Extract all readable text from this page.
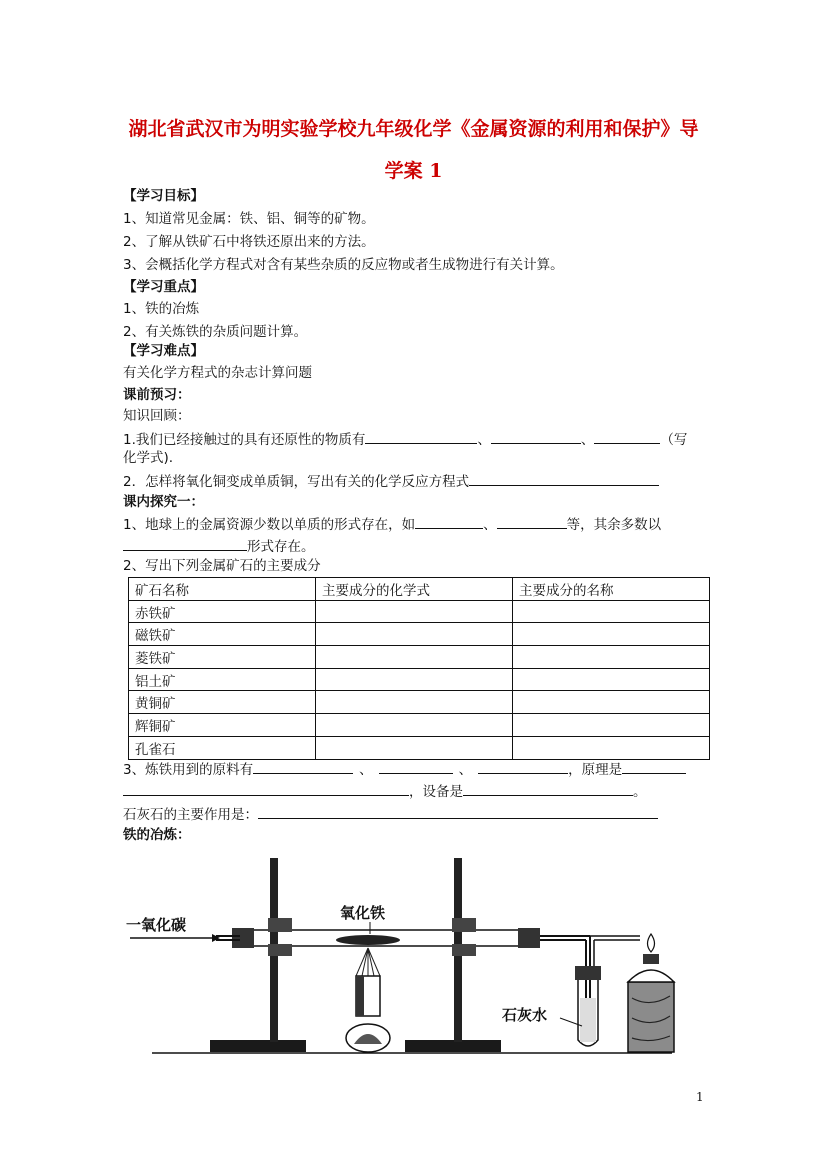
湖北省武汉市为明实验学校九年级化学《金属资源的利用和保护》导
学案 1
【学习目标】
1、知道常见金属：铁、铝、铜等的矿物。
2、了解从铁矿石中将铁还原出来的方法。
3、会概括化学方程式对含有某些杂质的反应物或者生成物进行有关计算。
【学习重点】
1、铁的冶炼
2、有关炼铁的杂质问题计算。
【学习难点】
有关化学方程式的杂志计算问题
课前预习：
知识回顾：
1.我们已经接触过的具有还原性的物质有	、	、	（写
化学式).
2．怎样将氧化铜变成单质铜，写出有关的化学反应方程式
课内探究一：
1、地球上的金属资源少数以单质的形式存在，如	、	等，其余多数以
形式存在。
2、写出下列金属矿石的主要成分
矿石名称	主要成分的化学式	主要成分的名称
赤铁矿		
磁铁矿		
菱铁矿		
铝土矿		
黄铜矿		
辉铜矿		
孔雀石		
3、炼铁用到的原料有	、	、	，原理是
，设备是	。
石灰石的主要作用是：
铁的冶炼：
一氧化碳
氧化铁
石灰水
1
